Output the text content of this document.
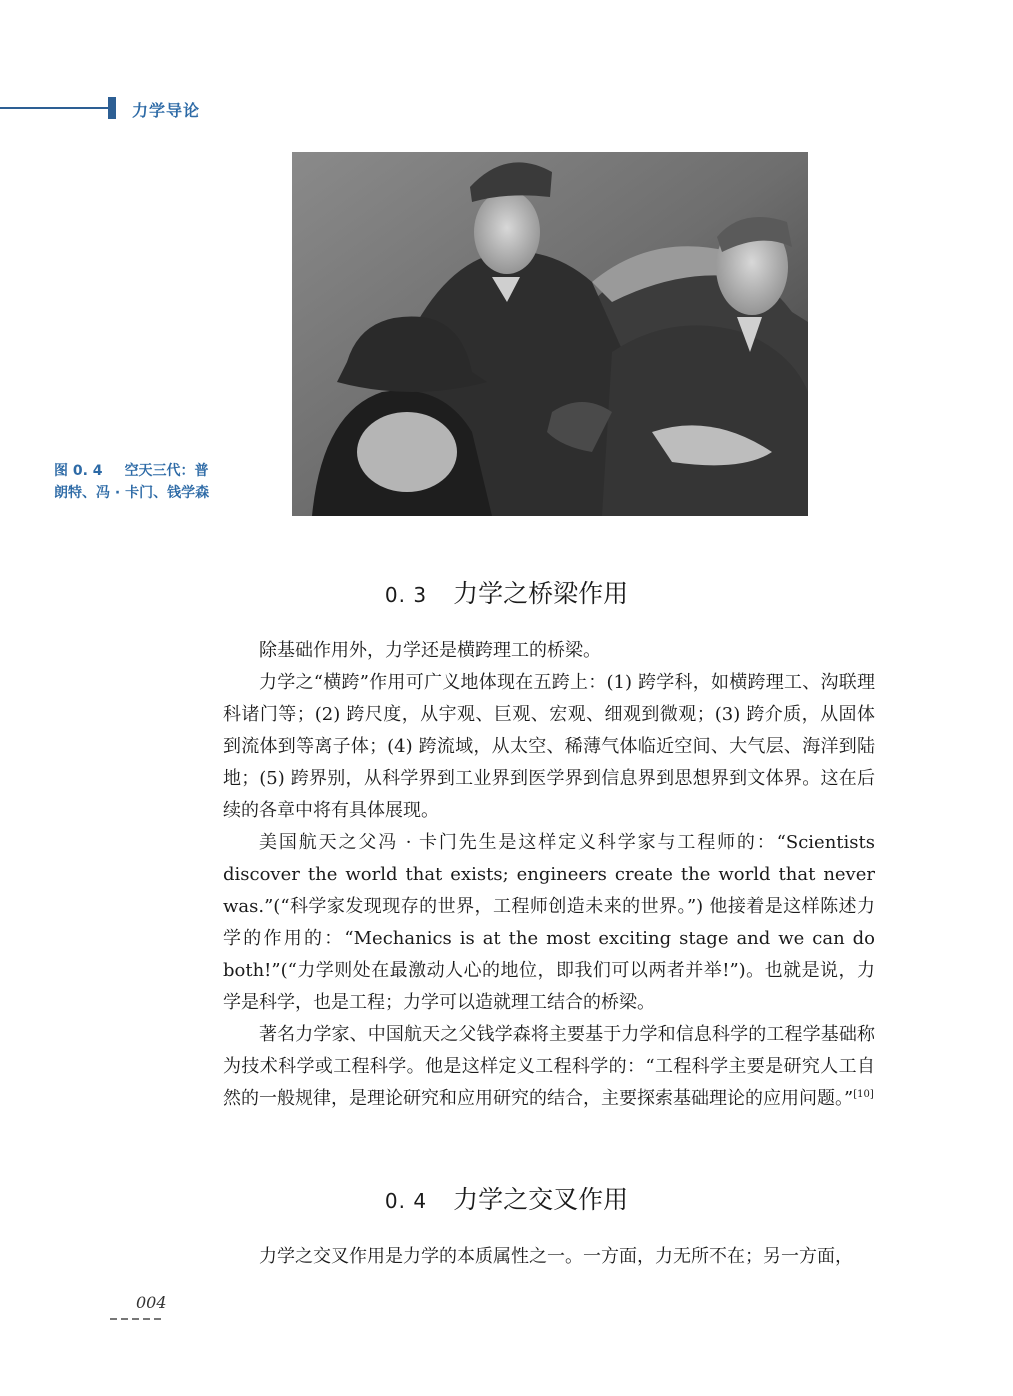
力学导论
图 0. 4 空天三代：普朗特、冯 · 卡门、钱学森
0. 3 力学之桥梁作用

除基础作用外，力学还是横跨理工的桥梁。

力学之“横跨”作用可广义地体现在五跨上：(1) 跨学科，如横跨理工、沟联理科诸门等；(2) 跨尺度，从宇观、巨观、宏观、细观到微观；(3) 跨介质，从固体到流体到等离子体；(4) 跨流域，从太空、稀薄气体临近空间、大气层、海洋到陆地；(5) 跨界别，从科学界到工业界到医学界到信息界到思想界到文体界。这在后续的各章中将有具体展现。

美国航天之父冯 · 卡门先生是这样定义科学家与工程师的：“Scientists discover the world that exists; engineers create the world that never was.”(“科学家发现现存的世界，工程师创造未来的世界。”) 他接着是这样陈述力学的作用的：“Mechanics is at the most exciting stage and we can do both!”(“力学则处在最激动人心的地位，即我们可以两者并举!”)。也就是说，力学是科学，也是工程；力学可以造就理工结合的桥梁。

著名力学家、中国航天之父钱学森将主要基于力学和信息科学的工程学基础称为技术科学或工程科学。他是这样定义工程科学的：“工程科学主要是研究人工自然的一般规律，是理论研究和应用研究的结合，主要探索基础理论的应用问题。”[10]

0. 4 力学之交叉作用

力学之交叉作用是力学的本质属性之一。一方面，力无所不在；另一方面，

004
